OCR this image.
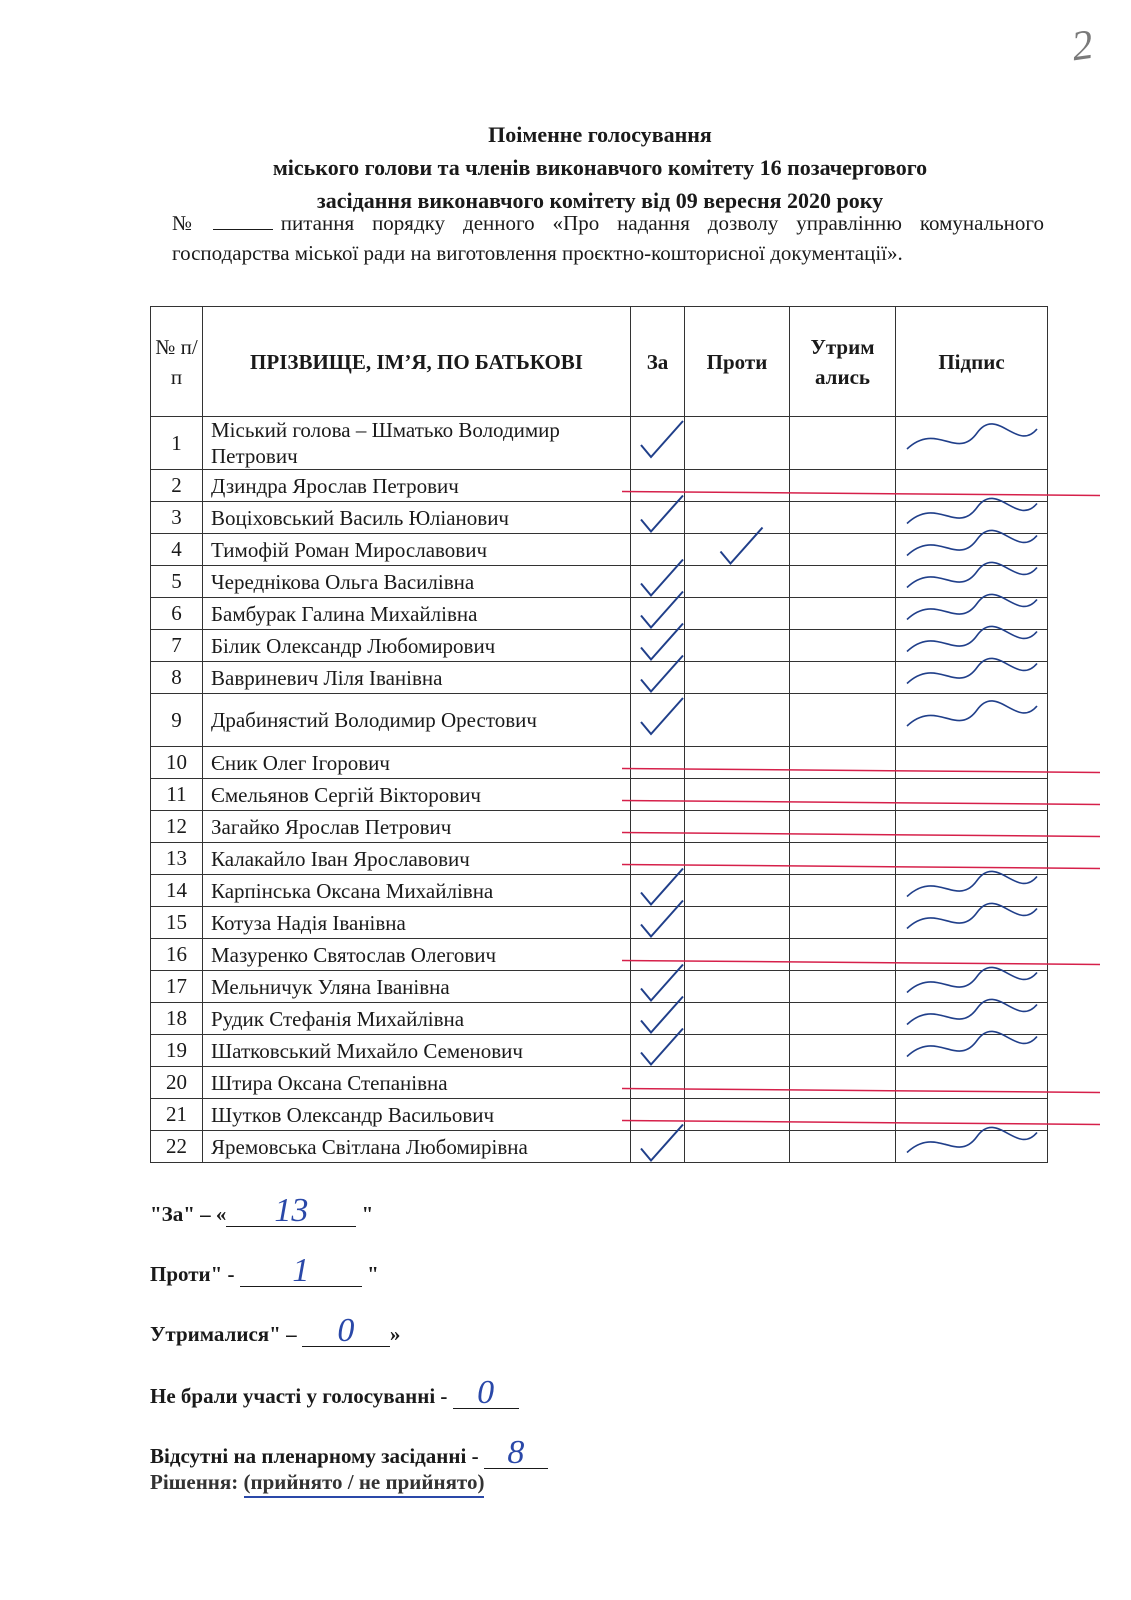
2
Поіменне голосування
міського голови та членів виконавчого комітету 16 позачергового
засідання виконавчого комітету від 09 вересня 2020 року
№	питання порядку денного «Про надання дозволу управлінню комунального господарства міської ради на виготовлення проєктно-кошторисної документації».
№ п/ п	ПРІЗВИЩЕ, ІМ’Я, ПО БАТЬКОВІ	За	Проти	Утрим ались	Підпис
1	Міський голова – Шматько Володимир Петрович				
2	Дзиндра Ярослав Петрович				
3	Воціховський Василь Юліанович				
4	Тимофій Роман Мирославович				
5	Череднікова Ольга Василівна				
6	Бамбурак Галина Михайлівна				
7	Білик Олександр Любомирович				
8	Вавриневич Ліля Іванівна				
9	Драбинястий Володимир Орестович				
10	Єник Олег Ігорович				
11	Ємельянов Сергій Вікторович				
12	Загайко Ярослав Петрович				
13	Калакайло Іван Ярославович				
14	Карпінська Оксана Михайлівна				
15	Котуза Надія Іванівна				
16	Мазуренко Святослав Олегович				
17	Мельничук Уляна Іванівна				
18	Рудик Стефанія Михайлівна				
19	Шатковський Михайло Семенович				
20	Штира Оксана Степанівна				
21	Шутков Олександр Васильович				
22	Яремовська Світлана Любомирівна				
"За" – « 13	"
Проти" - 1	"
Утрималися" – 0 »
Не брали участі у голосуванні - 0
Відсутні на пленарному засіданні - 8
Рішення: (прийнято / не прийнято)
